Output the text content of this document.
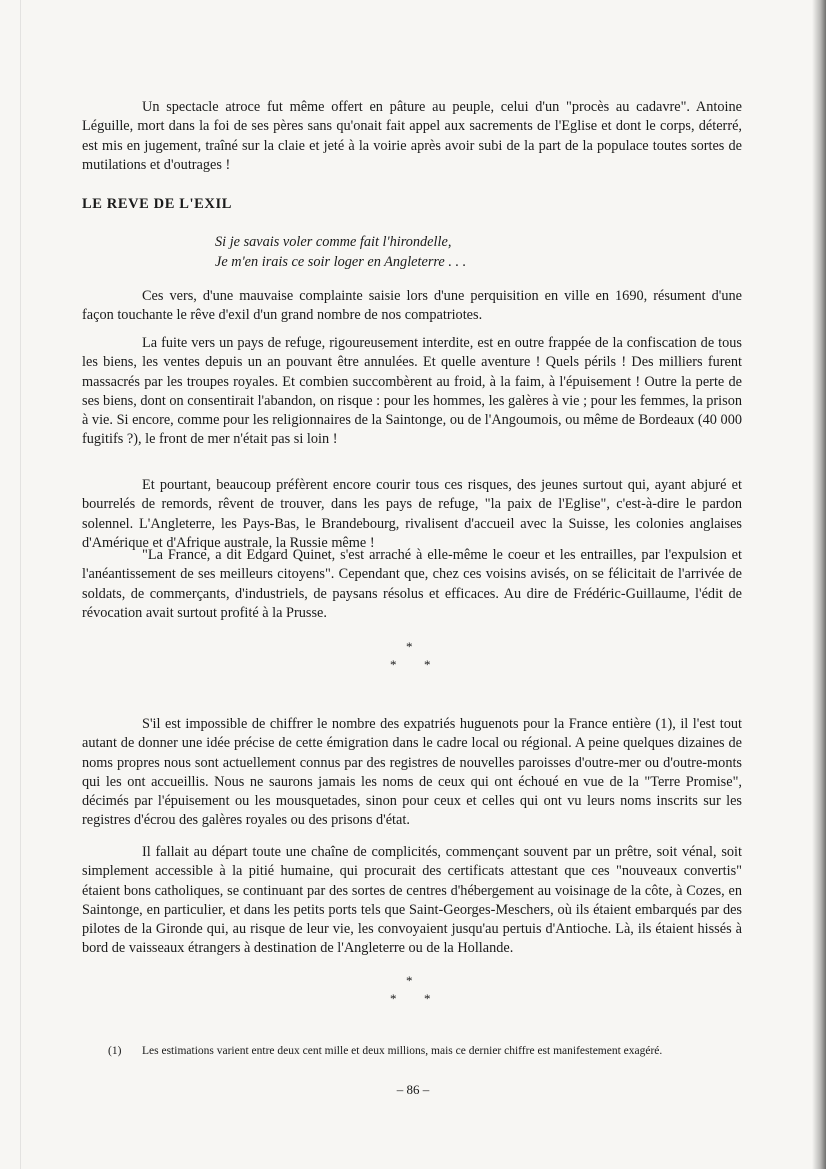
Un spectacle atroce fut même offert en pâture au peuple, celui d'un "procès au cadavre". Antoine Léguille, mort dans la foi de ses pères sans qu'onait fait appel aux sacrements de l'Eglise et dont le corps, déterré, est mis en jugement, traîné sur la claie et jeté à la voirie après avoir subi de la part de la populace toutes sortes de mutilations et d'outrages !

LE REVE DE L'EXIL
Si je savais voler comme fait l'hirondelle,
Je m'en irais ce soir loger en Angleterre . . .

Ces vers, d'une mauvaise complainte saisie lors d'une perquisition en ville en 1690, résument d'une façon touchante le rêve d'exil d'un grand nombre de nos compatriotes.

La fuite vers un pays de refuge, rigoureusement interdite, est en outre frappée de la confiscation de tous les biens, les ventes depuis un an pouvant être annulées. Et quelle aventure ! Quels périls ! Des milliers furent massacrés par les troupes royales. Et combien succombèrent au froid, à la faim, à l'épuisement ! Outre la perte de ses biens, dont on consentirait l'abandon, on risque : pour les hommes, les galères à vie ; pour les femmes, la prison à vie. Si encore, comme pour les religionnaires de la Saintonge, ou de l'Angoumois, ou même de Bordeaux (40 000 fugitifs ?), le front de mer n'était pas si loin !

Et pourtant, beaucoup préfèrent encore courir tous ces risques, des jeunes surtout qui, ayant abjuré et bourrelés de remords, rêvent de trouver, dans les pays de refuge, "la paix de l'Eglise", c'est-à-dire le pardon solennel. L'Angleterre, les Pays-Bas, le Brandebourg, rivalisent d'accueil avec la Suisse, les colonies anglaises d'Amérique et d'Afrique australe, la Russie même !

"La France, a dit Edgard Quinet, s'est arraché à elle-même le coeur et les entrailles, par l'expulsion et l'anéantissement de ses meilleurs citoyens". Cependant que, chez ces voisins avisés, on se félicitait de l'arrivée de soldats, de commerçants, d'industriels, de paysans résolus et efficaces. Au dire de Frédéric-Guillaume, l'édit de révocation avait surtout profité à la Prusse.

*
* *

S'il est impossible de chiffrer le nombre des expatriés huguenots pour la France entière (1), il l'est tout autant de donner une idée précise de cette émigration dans le cadre local ou régional. A peine quelques dizaines de noms propres nous sont actuellement connus par des registres de nouvelles paroisses d'outre-mer ou d'outre-monts qui les ont accueillis. Nous ne saurons jamais les noms de ceux qui ont échoué en vue de la "Terre Promise", décimés par l'épuisement ou les mousquetades, sinon pour ceux et celles qui ont vu leurs noms inscrits sur les registres d'écrou des galères royales ou des prisons d'état.

Il fallait au départ toute une chaîne de complicités, commençant souvent par un prêtre, soit vénal, soit simplement accessible à la pitié humaine, qui procurait des certificats attestant que ces "nouveaux convertis" étaient bons catholiques, se continuant par des sortes de centres d'hébergement au voisinage de la côte, à Cozes, en Saintonge, en particulier, et dans les petits ports tels que Saint-Georges-Meschers, où ils étaient embarqués par des pilotes de la Gironde qui, au risque de leur vie, les convoyaient jusqu'au pertuis d'Antioche. Là, ils étaient hissés à bord de vaisseaux étrangers à destination de l'Angleterre ou de la Hollande.

*
* *
(1) Les estimations varient entre deux cent mille et deux millions, mais ce dernier chiffre est manifestement exagéré.
– 86 –
